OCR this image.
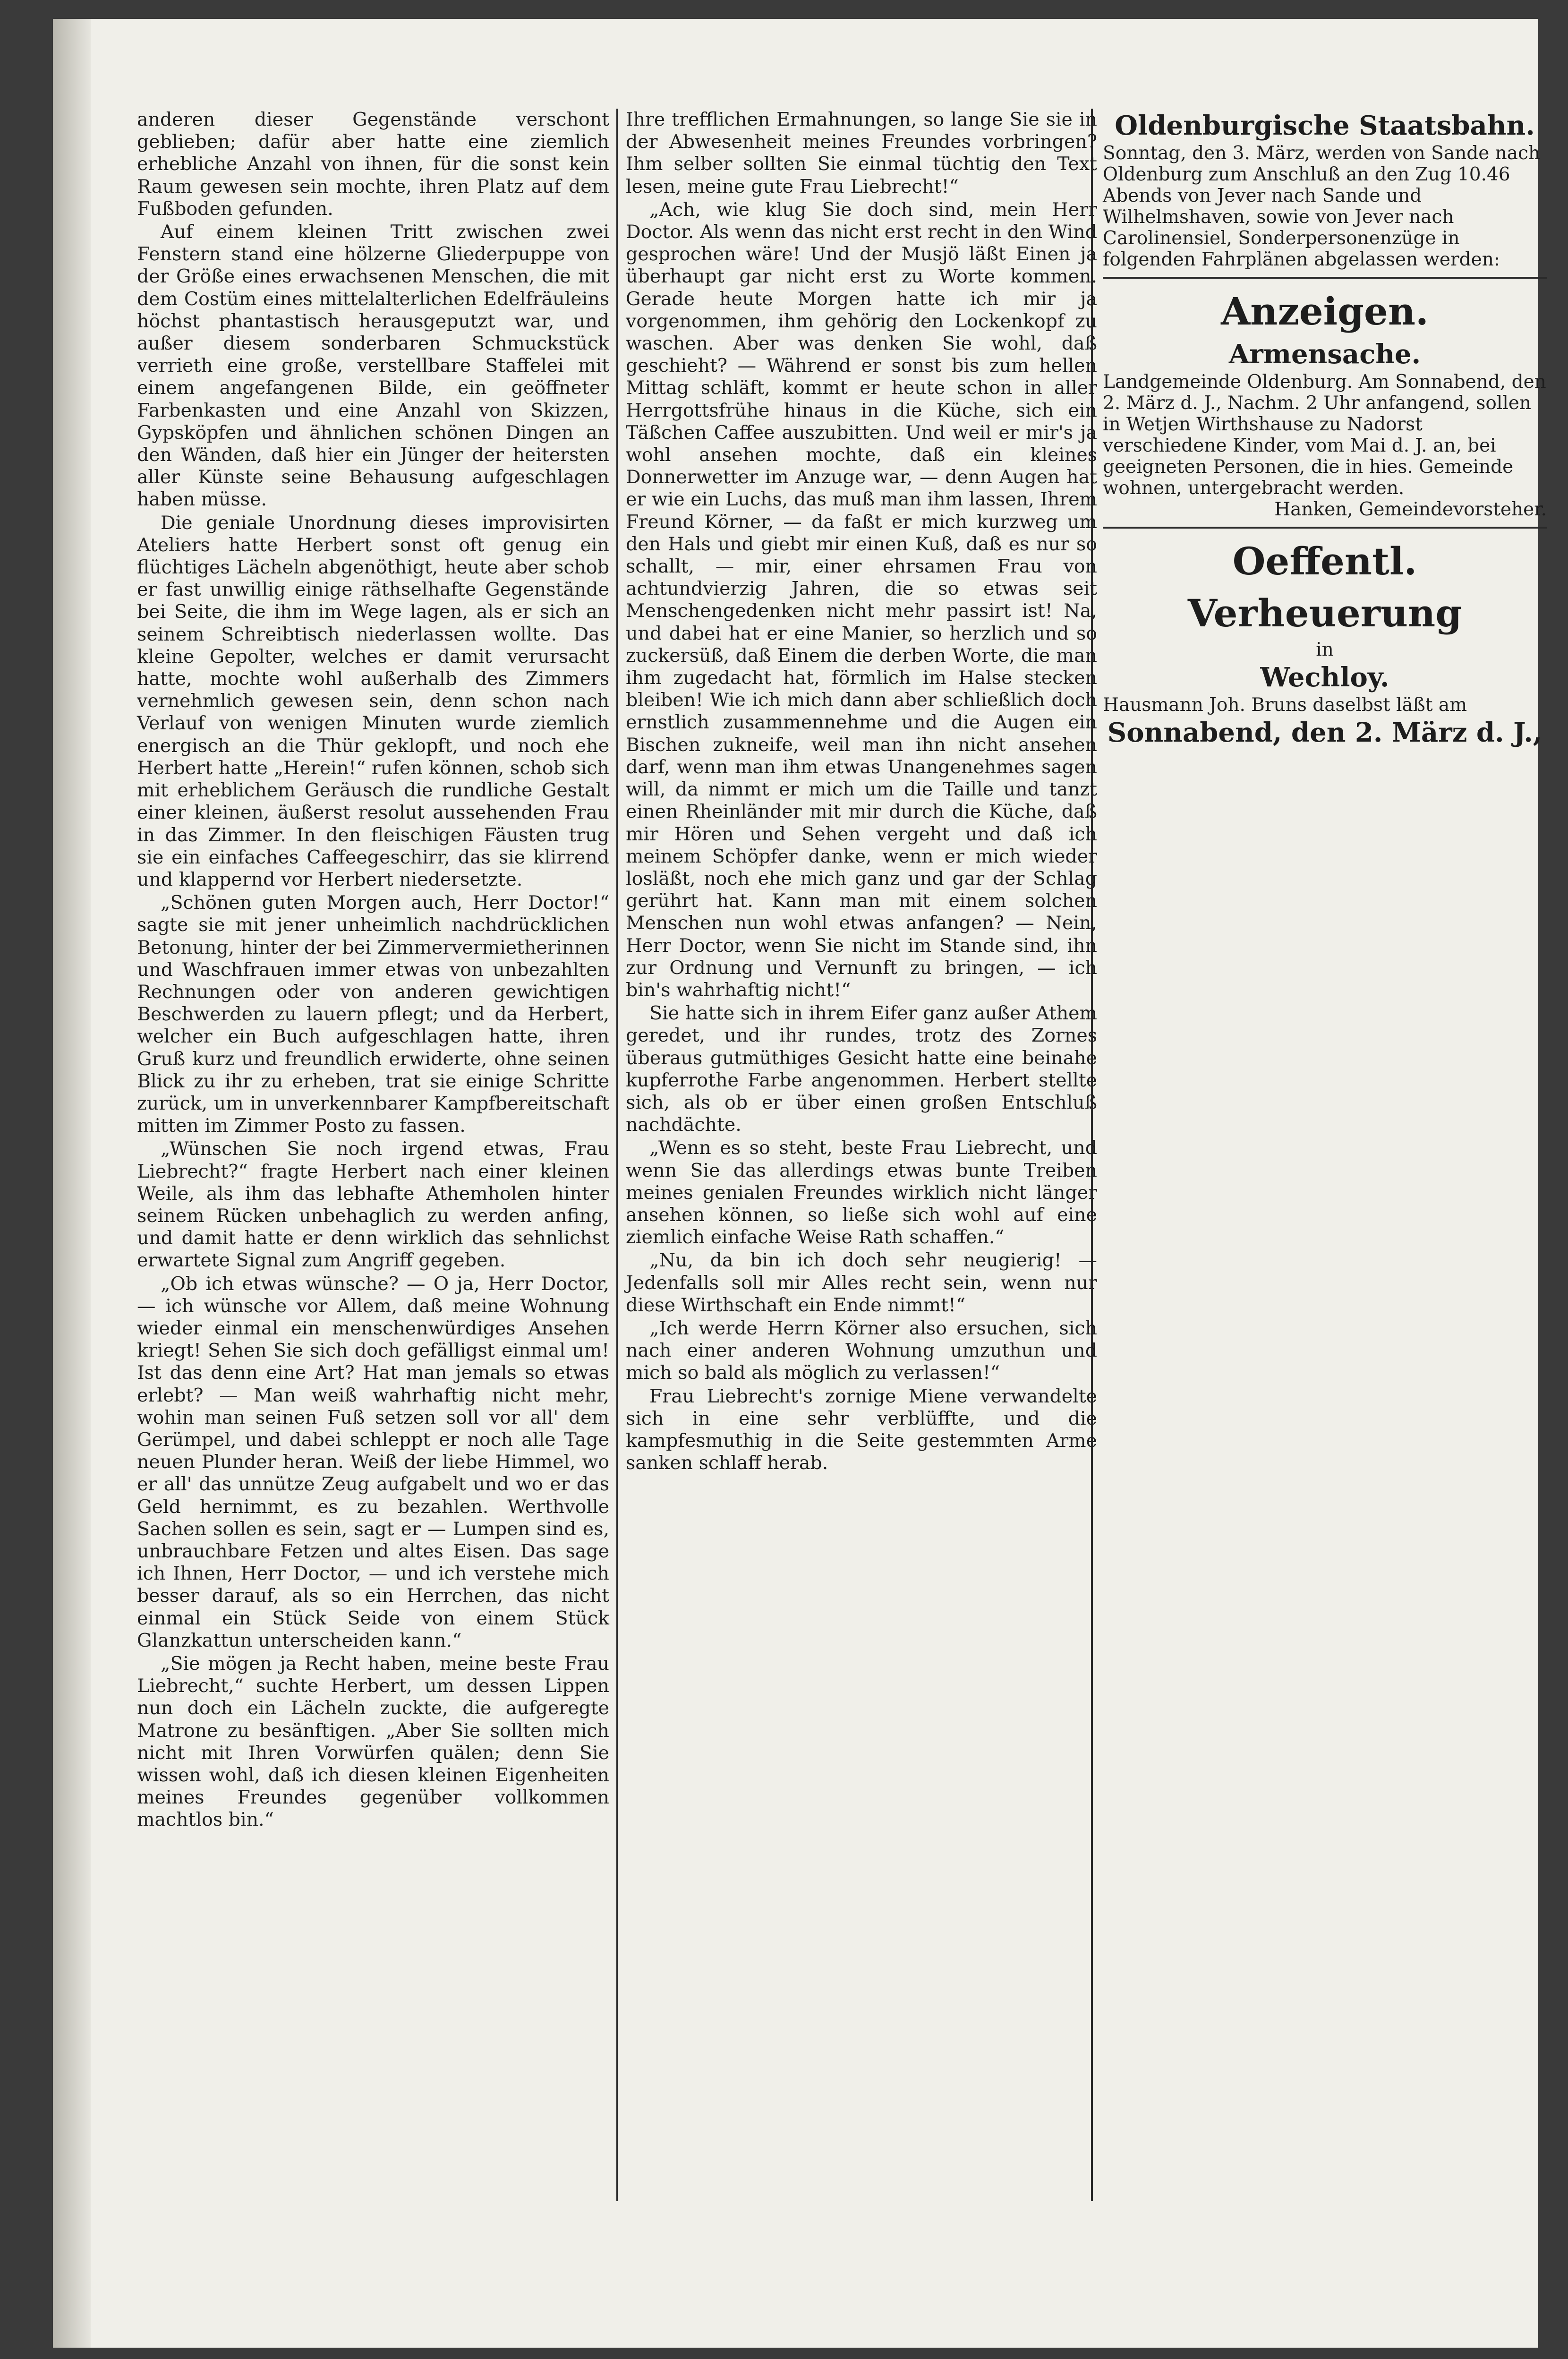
anderen dieser Gegenstände verschont geblieben; dafür aber hatte eine ziemlich erhebliche Anzahl von ihnen, für die sonst kein Raum gewesen sein mochte, ihren Platz auf dem Fußboden gefunden.

Auf einem kleinen Tritt zwischen zwei Fenstern stand eine hölzerne Gliederpuppe von der Größe eines erwachsenen Menschen, die mit dem Costüm eines mittelalterlichen Edelfräuleins höchst phantastisch herausgeputzt war, und außer diesem sonderbaren Schmuckstück verrieth eine große, verstellbare Staffelei mit einem angefangenen Bilde, ein geöffneter Farbenkasten und eine Anzahl von Skizzen, Gypsköpfen und ähnlichen schönen Dingen an den Wänden, daß hier ein Jünger der heitersten aller Künste seine Behausung aufgeschlagen haben müsse.

Die geniale Unordnung dieses improvisirten Ateliers hatte Herbert sonst oft genug ein flüchtiges Lächeln abgenöthigt, heute aber schob er fast unwillig einige räthselhafte Gegenstände bei Seite, die ihm im Wege lagen, als er sich an seinem Schreibtisch niederlassen wollte. Das kleine Gepolter, welches er damit verursacht hatte, mochte wohl außerhalb des Zimmers vernehmlich gewesen sein, denn schon nach Verlauf von wenigen Minuten wurde ziemlich energisch an die Thür geklopft, und noch ehe Herbert hatte „Herein!“ rufen können, schob sich mit erheblichem Geräusch die rundliche Gestalt einer kleinen, äußerst resolut aussehenden Frau in das Zimmer. In den fleischigen Fäusten trug sie ein einfaches Caffeegeschirr, das sie klirrend und klappernd vor Herbert niedersetzte.

„Schönen guten Morgen auch, Herr Doctor!“ sagte sie mit jener unheimlich nachdrücklichen Betonung, hinter der bei Zimmervermietherinnen und Waschfrauen immer etwas von unbezahlten Rechnungen oder von anderen gewichtigen Beschwerden zu lauern pflegt; und da Herbert, welcher ein Buch aufgeschlagen hatte, ihren Gruß kurz und freundlich erwiderte, ohne seinen Blick zu ihr zu erheben, trat sie einige Schritte zurück, um in unverkennbarer Kampfbereitschaft mitten im Zimmer Posto zu fassen.

„Wünschen Sie noch irgend etwas, Frau Liebrecht?“ fragte Herbert nach einer kleinen Weile, als ihm das lebhafte Athemholen hinter seinem Rücken unbehaglich zu werden anfing, und damit hatte er denn wirklich das sehnlichst erwartete Signal zum Angriff gegeben.

„Ob ich etwas wünsche? — O ja, Herr Doctor, — ich wünsche vor Allem, daß meine Wohnung wieder einmal ein menschenwürdiges Ansehen kriegt! Sehen Sie sich doch gefälligst einmal um! Ist das denn eine Art? Hat man jemals so etwas erlebt? — Man weiß wahrhaftig nicht mehr, wohin man seinen Fuß setzen soll vor all' dem Gerümpel, und dabei schleppt er noch alle Tage neuen Plunder heran. Weiß der liebe Himmel, wo er all' das unnütze Zeug aufgabelt und wo er das Geld hernimmt, es zu bezahlen. Werthvolle Sachen sollen es sein, sagt er — Lumpen sind es, unbrauchbare Fetzen und altes Eisen. Das sage ich Ihnen, Herr Doctor, — und ich verstehe mich besser darauf, als so ein Herrchen, das nicht einmal ein Stück Seide von einem Stück Glanzkattun unterscheiden kann.“

„Sie mögen ja Recht haben, meine beste Frau Liebrecht,“ suchte Herbert, um dessen Lippen nun doch ein Lächeln zuckte, die aufgeregte Matrone zu besänftigen. „Aber Sie sollten mich nicht mit Ihren Vorwürfen quälen; denn Sie wissen wohl, daß ich diesen kleinen Eigenheiten meines Freundes gegenüber vollkommen machtlos bin.“

Ihre trefflichen Ermahnungen, so lange Sie sie in der Abwesenheit meines Freundes vorbringen? Ihm selber sollten Sie einmal tüchtig den Text lesen, meine gute Frau Liebrecht!“

„Ach, wie klug Sie doch sind, mein Herr Doctor. Als wenn das nicht erst recht in den Wind gesprochen wäre! Und der Musjö läßt Einen ja überhaupt gar nicht erst zu Worte kommen. Gerade heute Morgen hatte ich mir ja vorgenommen, ihm gehörig den Lockenkopf zu waschen. Aber was denken Sie wohl, daß geschieht? — Während er sonst bis zum hellen Mittag schläft, kommt er heute schon in aller Herrgottsfrühe hinaus in die Küche, sich ein Täßchen Caffee auszubitten. Und weil er mir's ja wohl ansehen mochte, daß ein kleines Donnerwetter im Anzuge war, — denn Augen hat er wie ein Luchs, das muß man ihm lassen, Ihrem Freund Körner, — da faßt er mich kurzweg um den Hals und giebt mir einen Kuß, daß es nur so schallt, — mir, einer ehrsamen Frau von achtundvierzig Jahren, die so etwas seit Menschengedenken nicht mehr passirt ist! Na, und dabei hat er eine Manier, so herzlich und so zuckersüß, daß Einem die derben Worte, die man ihm zugedacht hat, förmlich im Halse stecken bleiben! Wie ich mich dann aber schließlich doch ernstlich zusammennehme und die Augen ein Bischen zukneife, weil man ihn nicht ansehen darf, wenn man ihm etwas Unangenehmes sagen will, da nimmt er mich um die Taille und tanzt einen Rheinländer mit mir durch die Küche, daß mir Hören und Sehen vergeht und daß ich meinem Schöpfer danke, wenn er mich wieder losläßt, noch ehe mich ganz und gar der Schlag gerührt hat. Kann man mit einem solchen Menschen nun wohl etwas anfangen? — Nein, Herr Doctor, wenn Sie nicht im Stande sind, ihn zur Ordnung und Vernunft zu bringen, — ich bin's wahrhaftig nicht!“

Sie hatte sich in ihrem Eifer ganz außer Athem geredet, und ihr rundes, trotz des Zornes überaus gutmüthiges Gesicht hatte eine beinahe kupferrothe Farbe angenommen. Herbert stellte sich, als ob er über einen großen Entschluß nachdächte.

„Wenn es so steht, beste Frau Liebrecht, und wenn Sie das allerdings etwas bunte Treiben meines genialen Freundes wirklich nicht länger ansehen können, so ließe sich wohl auf eine ziemlich einfache Weise Rath schaffen.“

„Nu, da bin ich doch sehr neugierig! — Jedenfalls soll mir Alles recht sein, wenn nur diese Wirthschaft ein Ende nimmt!“

„Ich werde Herrn Körner also ersuchen, sich nach einer anderen Wohnung umzuthun und mich so bald als möglich zu verlassen!“

Frau Liebrecht's zornige Miene verwandelte sich in eine sehr verblüffte, und die kampfesmuthig in die Seite gestemmten Arme sanken schlaff herab.

Oldenburgische Staatsbahn.
Sonntag, den 3. März, werden von Sande nach Oldenburg zum Anschluß an den Zug 10.46 Abends von Jever nach Sande und Wilhelmshaven, sowie von Jever nach Carolinensiel, Sonderpersonenzüge in folgenden Fahrplänen abgelassen werden:
Anzeigen.
Armensache.
Landgemeinde Oldenburg. Am Sonnabend, den 2. März d. J., Nachm. 2 Uhr anfangend, sollen in Wetjen Wirthshause zu Nadorst verschiedene Kinder, vom Mai d. J. an, bei geeigneten Personen, die in hies. Gemeinde wohnen, untergebracht werden.
Hanken, Gemeindevorsteher.
Oeffentl. Verheuerung
in
Wechloy.
Hausmann Joh. Bruns daselbst läßt am
Sonnabend, den 2. März d. J.,
